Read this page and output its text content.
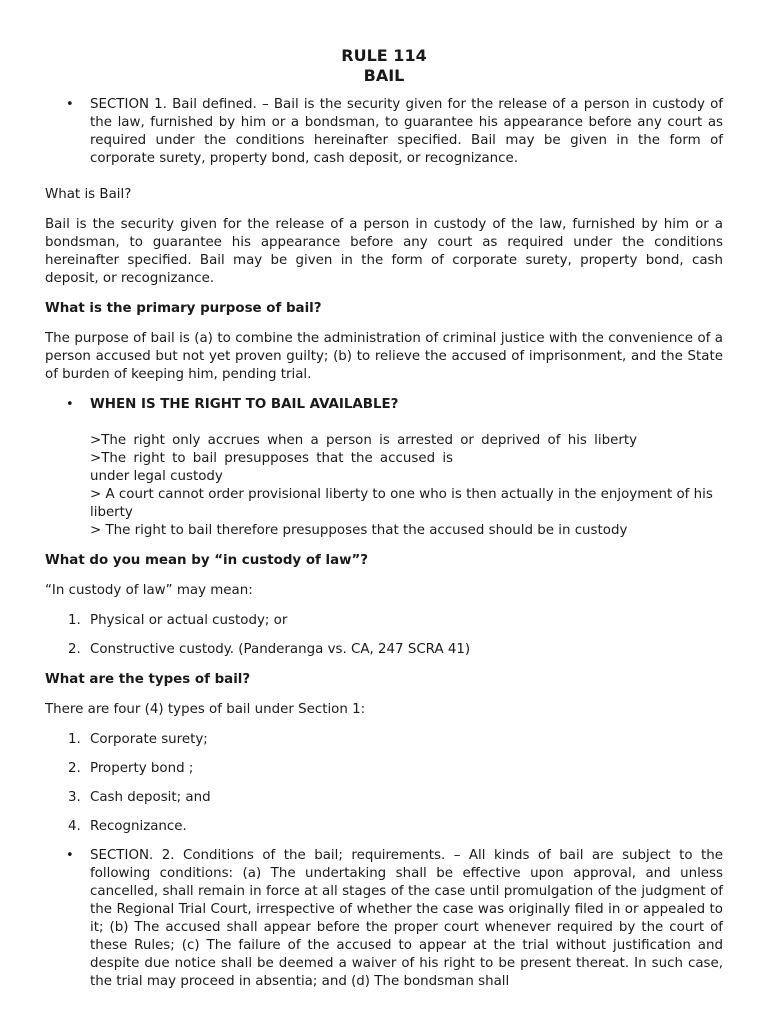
RULE 114
BAIL
• SECTION 1. Bail defined. – Bail is the security given for the release of a person in custody of the law, furnished by him or a bondsman, to guarantee his appearance before any court as required under the conditions hereinafter specified. Bail may be given in the form of corporate surety, property bond, cash deposit, or recognizance.

What is Bail?

Bail is the security given for the release of a person in custody of the law, furnished by him or a bondsman, to guarantee his appearance before any court as required under the conditions hereinafter specified. Bail may be given in the form of corporate surety, property bond, cash deposit, or recognizance.

What is the primary purpose of bail?

The purpose of bail is (a) to combine the administration of criminal justice with the convenience of a person accused but not yet proven guilty; (b) to relieve the accused of imprisonment, and the State of burden of keeping him, pending trial.

• WHEN IS THE RIGHT TO BAIL AVAILABLE?
>The right only accrues when a person is arrested or deprived of his liberty
>The right to bail presupposes that the accused is
under legal custody
> A court cannot order provisional liberty to one who is then actually in the enjoyment of his liberty
> The right to bail therefore presupposes that the accused should be in custody

What do you mean by “in custody of law”?

“In custody of law” may mean:

1. Physical or actual custody; or
2. Constructive custody. (Panderanga vs. CA, 247 SCRA 41)

What are the types of bail?

There are four (4) types of bail under Section 1:

1. Corporate surety;
2. Property bond ;
3. Cash deposit; and
4. Recognizance.
• SECTION. 2. Conditions of the bail; requirements. – All kinds of bail are subject to the following conditions: (a) The undertaking shall be effective upon approval, and unless cancelled, shall remain in force at all stages of the case until promulgation of the judgment of the Regional Trial Court, irrespective of whether the case was originally filed in or appealed to it; (b) The accused shall appear before the proper court whenever required by the court of these Rules; (c) The failure of the accused to appear at the trial without justification and despite due notice shall be deemed a waiver of his right to be present thereat. In such case, the trial may proceed in absentia; and (d) The bondsman shall
